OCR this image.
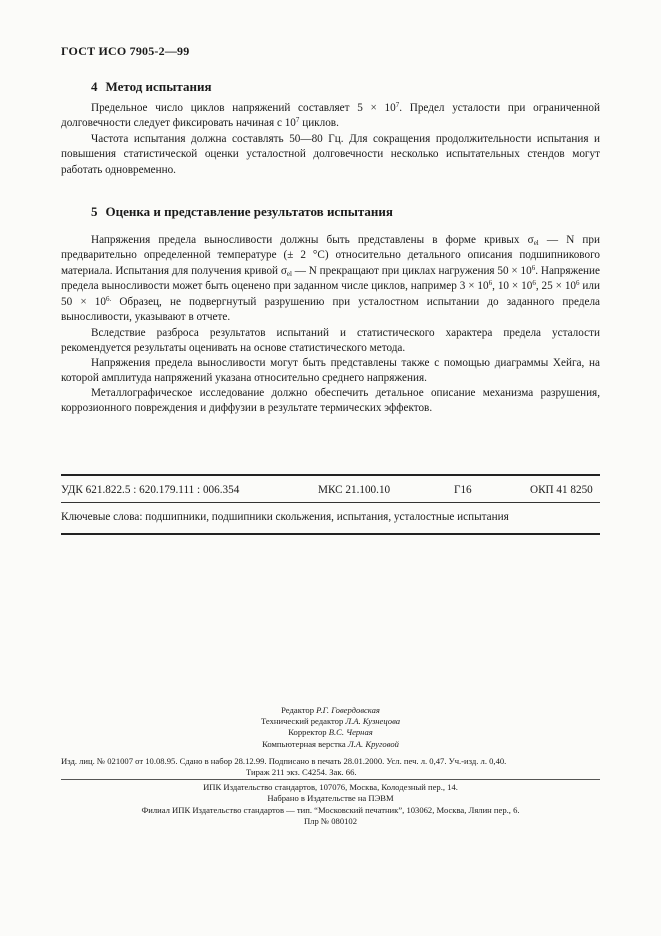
ГОСТ ИСО 7905-2—99
4 Метод испытания

Предельное число циклов напряжений составляет $5 \times 10^7$. Предел усталости при ограниченной долговечности следует фиксировать начиная с $10^7$ циклов.

Частота испытания должна составлять 50—80 Гц. Для сокращения продолжительности испытания и повышения статистической оценки усталостной долговечности несколько испытательных стендов могут работать одновременно.

5 Оценка и представление результатов испытания

Напряжения предела выносливости должны быть представлены в форме кривых $\sigma_{el}$ — N при предварительно определенной температуре (± 2 °С) относительно детального описания подшипникового материала. Испытания для получения кривой $\sigma_{el}$ — N прекращают при циклах нагружения $50 \times 10^6$. Напряжение предела выносливости может быть оценено при заданном числе циклов, например $3 \times 10^6$, $10 \times 10^6$, $25 \times 10^6$ или $50 \times 10^{6.}$ Образец, не подвергнутый разрушению при усталостном испытании до заданного предела выносливости, указывают в отчете.

Вследствие разброса результатов испытаний и статистического характера предела усталости рекомендуется результаты оценивать на основе статистического метода.

Напряжения предела выносливости могут быть представлены также с помощью диаграммы Хейга, на которой амплитуда напряжений указана относительно среднего напряжения.

Металлографическое исследование должно обеспечить детальное описание механизма разрушения, коррозионного повреждения и диффузии в результате термических эффектов.

УДК 621.822.5 : 620.179.111 : 006.354	МКС 21.100.10	Г16	ОКП 41 8250
Ключевые слова: подшипники, подшипники скольжения, испытания, усталостные испытания
Редактор Р.Г. Говердовская
Технический редактор Л.А. Кузнецова
Корректор В.С. Черная
Компьютерная верстка Л.А. Круговой
Изд. лиц. № 021007 от 10.08.95. Сдано в набор 28.12.99. Подписано в печать 28.01.2000. Усл. печ. л. 0,47. Уч.-изд. л. 0,40.
Тираж 211 экз. С4254. Зак. 66.
ИПК Издательство стандартов, 107076, Москва, Колодезный пер., 14.
Набрано в Издательстве на ПЭВМ
Филиал ИПК Издательство стандартов — тип. “Московский печатник”, 103062, Москва, Лялин пер., 6.
Плр № 080102
